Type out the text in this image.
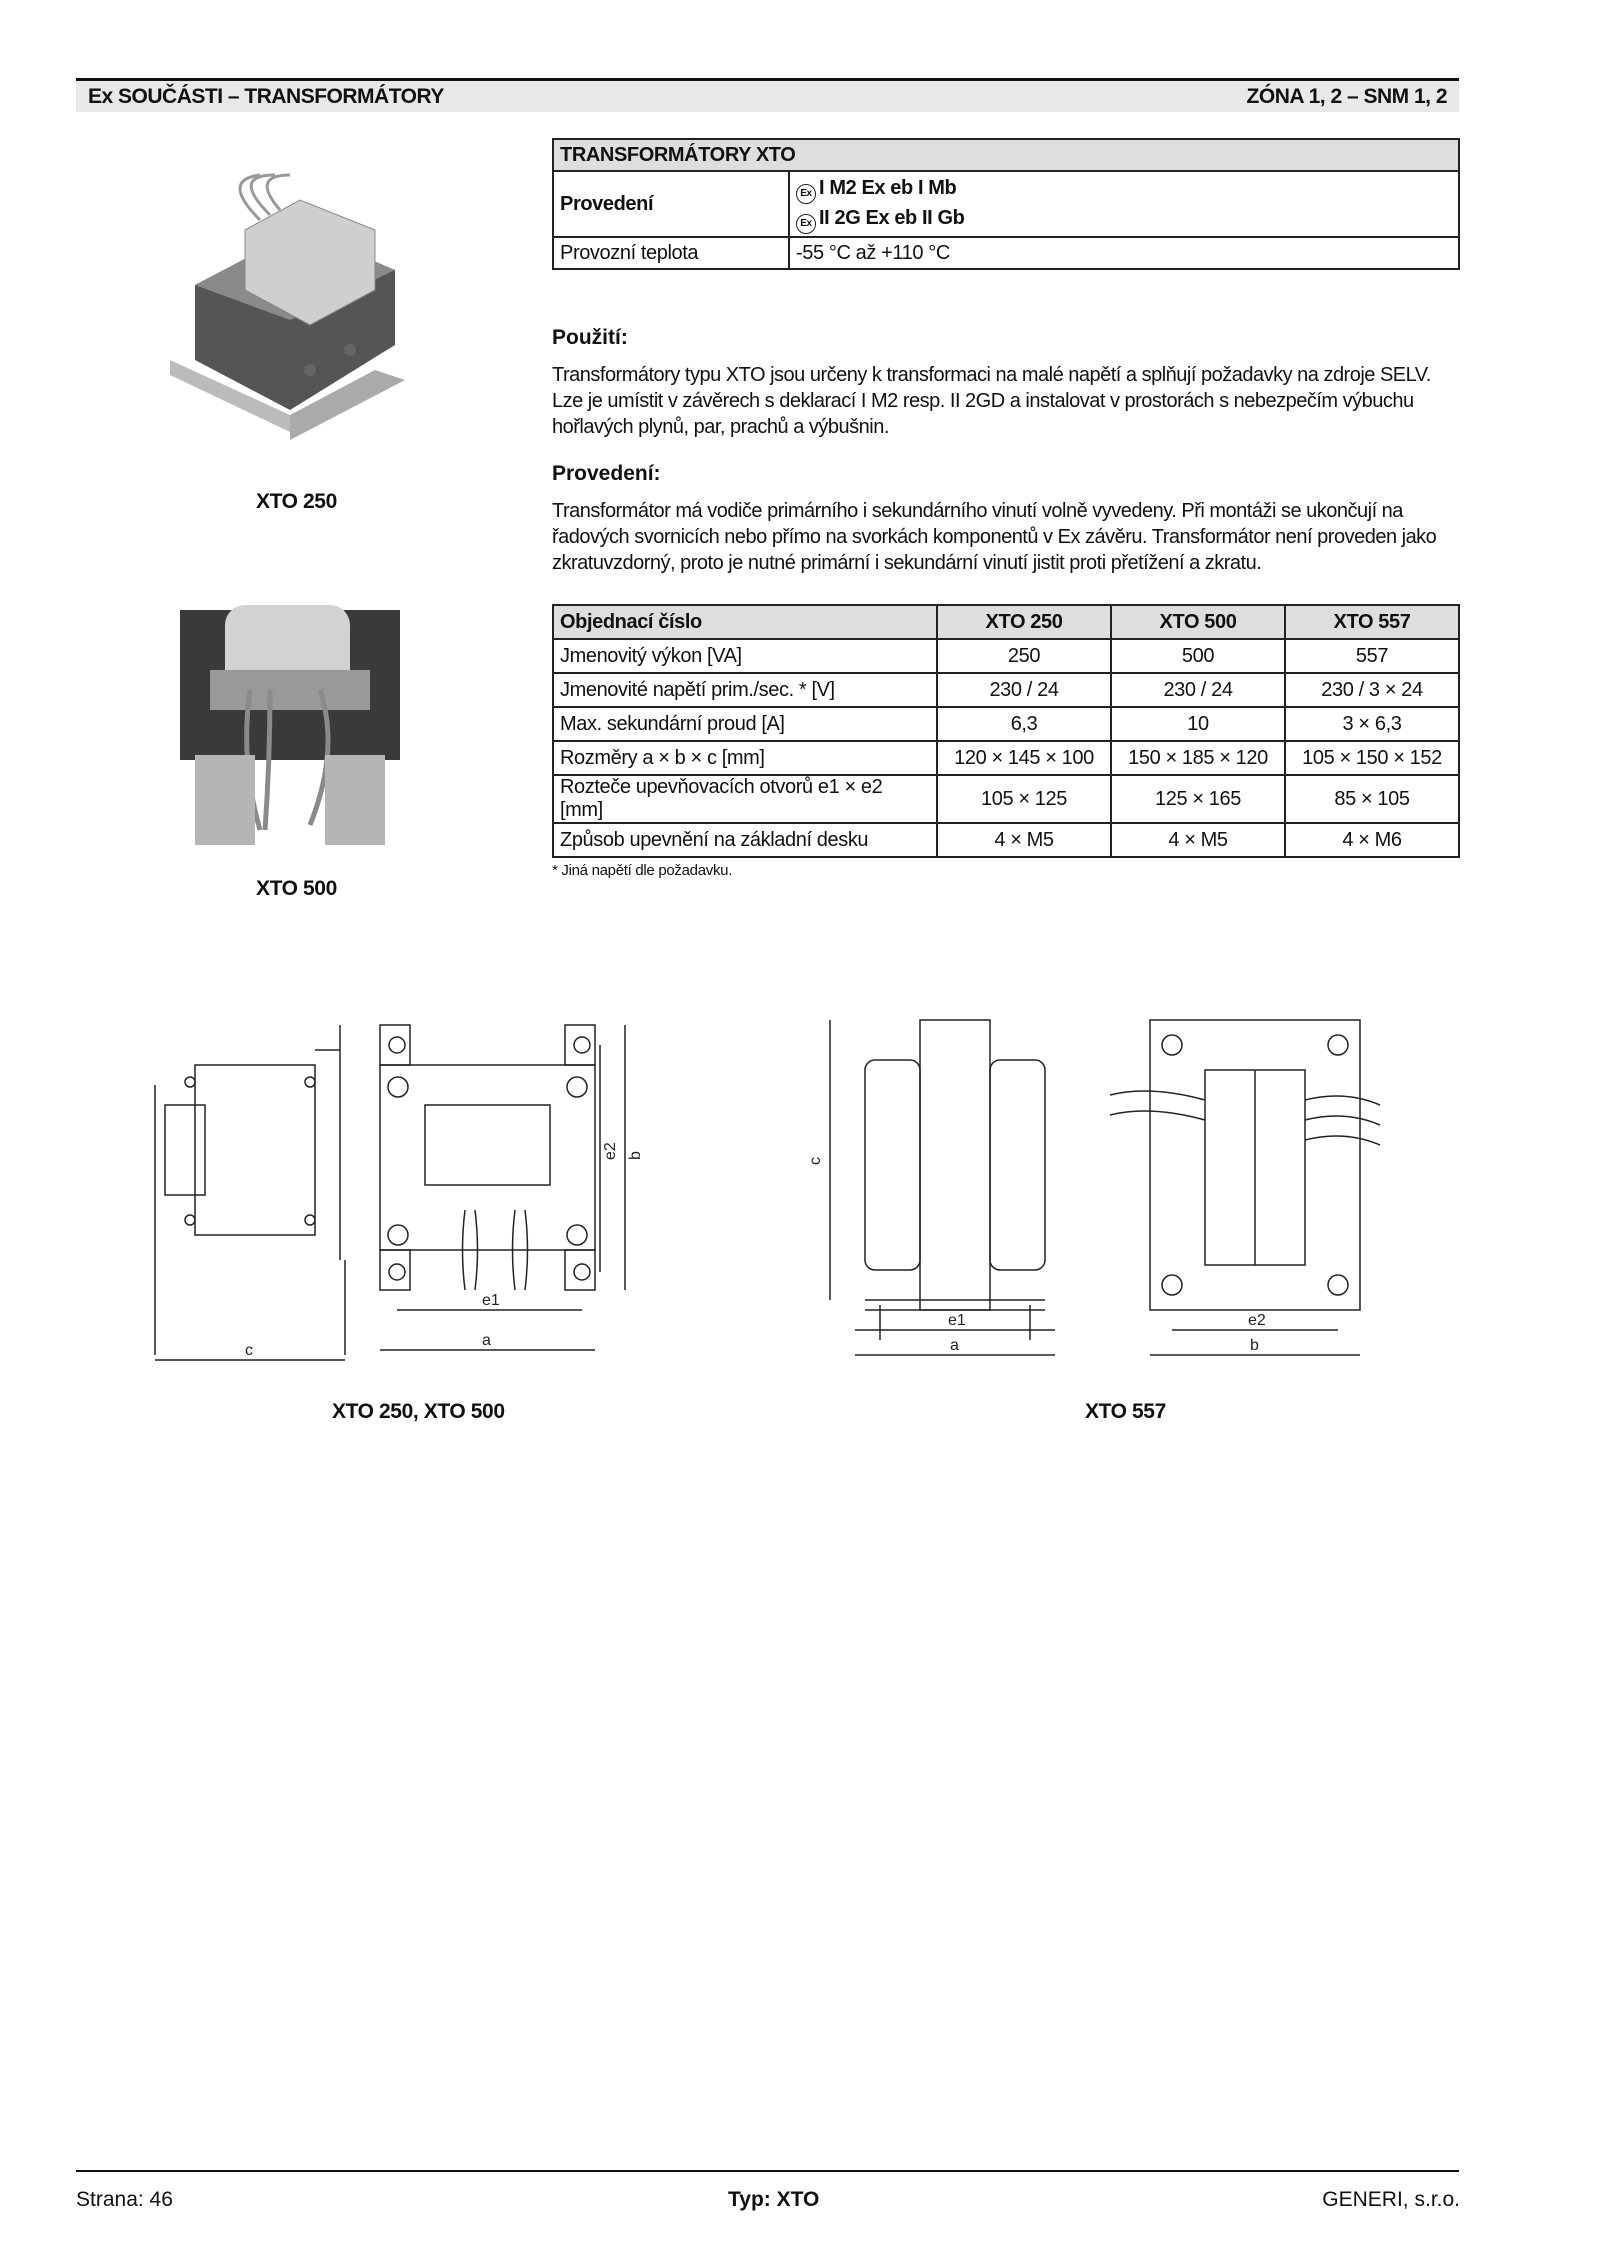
Ex SOUČÁSTI – TRANSFORMÁTORY	ZÓNA 1, 2 – SNM 1, 2
XTO 250
XTO 500
TRANSFORMÁTORY XTO	
Provedení	Ex I M2 Ex eb I Mb
Ex II 2G Ex eb II Gb

Provozní teplota	-55 °C až +110 °C
Použití:
Transformátory typu XTO jsou určeny k transformaci na malé napětí a splňují požadavky na zdroje SELV. Lze je umístit v závěrech s deklarací I M2 resp. II 2GD a instalovat v prostorách s nebezpečím výbuchu hořlavých plynů, par, prachů a výbušnin.
Provedení:
Transformátor má vodiče primárního i sekundárního vinutí volně vyvedeny. Při montáži se ukončují na řadových svornicích nebo přímo na svorkách komponentů v Ex závěru. Transformátor není proveden jako zkratuvzdorný, proto je nutné primární i sekundární vinutí jistit proti přetížení a zkratu.
Objednací číslo	XTO 250	XTO 500	XTO 557
Jmenovitý výkon [VA]	250	500	557
Jmenovité napětí prim./sec. * [V]	230 / 24	230 / 24	230 / 3 × 24
Max. sekundární proud [A]	6,3	10	3 × 6,3
Rozměry a × b × c [mm]	120 × 145 × 100	150 × 185 × 120	105 × 150 × 152
Rozteče upevňovacích otvorů e1 × e2 [mm]	105 × 125	125 × 165	85 × 105
Způsob upevnění na základní desku	4 × M5	4 × M5	4 × M6
* Jiná napětí dle požadavku.
c
e1
a
e2 b
XTO 250, XTO 500
c
e1
a
e2
b
XTO 557
Strana: 46	Typ: XTO	GENERI, s.r.o.
